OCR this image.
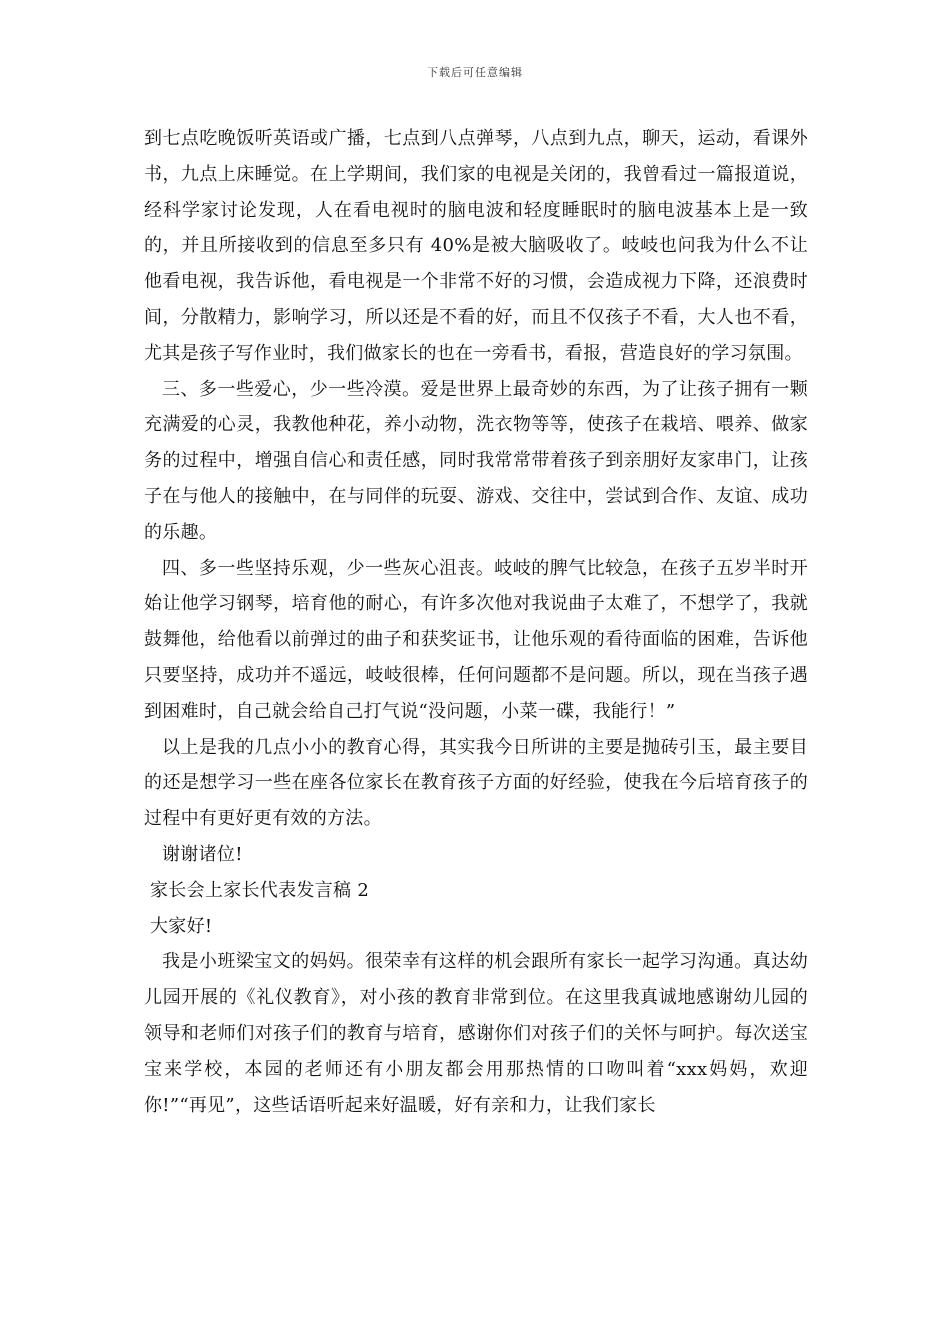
下载后可任意编辑

到七点吃晚饭听英语或广播，七点到八点弹琴，八点到九点，聊天，运动，看课外书，九点上床睡觉。在上学期间，我们家的电视是关闭的，我曾看过一篇报道说，经科学家讨论发现，人在看电视时的脑电波和轻度睡眠时的脑电波基本上是一致的，并且所接收到的信息至多只有 40%是被大脑吸收了。岐岐也问我为什么不让他看电视，我告诉他，看电视是一个非常不好的习惯，会造成视力下降，还浪费时间，分散精力，影响学习，所以还是不看的好，而且不仅孩子不看，大人也不看，尤其是孩子写作业时，我们做家长的也在一旁看书，看报，营造良好的学习氛围。

三、多一些爱心，少一些冷漠。爱是世界上最奇妙的东西，为了让孩子拥有一颗充满爱的心灵，我教他种花，养小动物，洗衣物等等，使孩子在栽培、喂养、做家务的过程中，增强自信心和责任感，同时我常常带着孩子到亲朋好友家串门，让孩子在与他人的接触中，在与同伴的玩耍、游戏、交往中，尝试到合作、友谊、成功的乐趣。

四、多一些坚持乐观，少一些灰心沮丧。岐岐的脾气比较急，在孩子五岁半时开始让他学习钢琴，培育他的耐心，有许多次他对我说曲子太难了，不想学了，我就鼓舞他，给他看以前弹过的曲子和获奖证书，让他乐观的看待面临的困难，告诉他只要坚持，成功并不遥远，岐岐很棒，任何问题都不是问题。所以，现在当孩子遇到困难时，自己就会给自己打气说“没问题，小菜一碟，我能行！”

以上是我的几点小小的教育心得，其实我今日所讲的主要是抛砖引玉，最主要目的还是想学习一些在座各位家长在教育孩子方面的好经验，使我在今后培育孩子的过程中有更好更有效的方法。

谢谢诸位!

家长会上家长代表发言稿 2

大家好!

我是小班梁宝文的妈妈。很荣幸有这样的机会跟所有家长一起学习沟通。真达幼儿园开展的《礼仪教育》，对小孩的教育非常到位。在这里我真诚地感谢幼儿园的领导和老师们对孩子们的教育与培育，感谢你们对孩子们的关怀与呵护。每次送宝宝来学校，本园的老师还有小朋友都会用那热情的口吻叫着“xxx妈妈，欢迎你!”“再见”，这些话语听起来好温暖，好有亲和力，让我们家长
